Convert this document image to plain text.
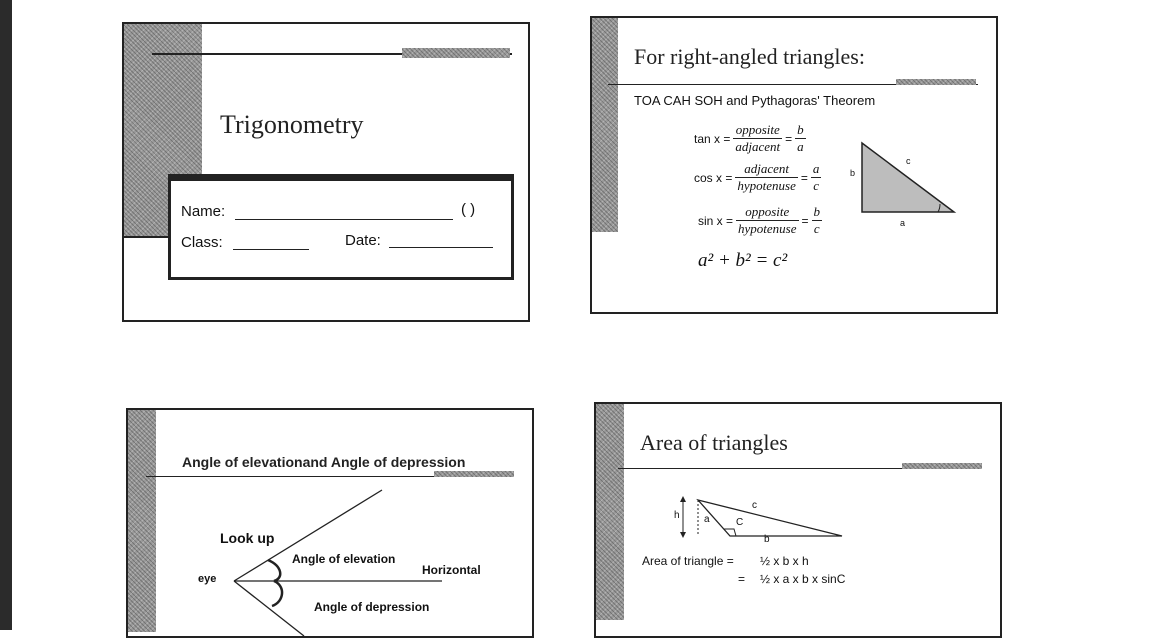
Trigonometry
Name:	( )
Class:	Date:
For right-angled triangles:
TOA CAH SOH and Pythagoras' Theorem
$\tan x = \frac{\text{opposite}}{\text{adjacent}} = \frac{b}{a}$
$\cos x = \frac{\text{adjacent}}{\text{hypotenuse}} = \frac{a}{c}$
$\sin x = \frac{\text{opposite}}{\text{hypotenuse}} = \frac{b}{c}$
a² + b² = c²
b
c
a
Angle of elevationand Angle of depression
Look up
Angle of elevation
Horizontal
eye
Angle of depression
Area of triangles
h a
c
C
b
Area of triangle = ½ x b x h
= ½ x a x b x sinC
